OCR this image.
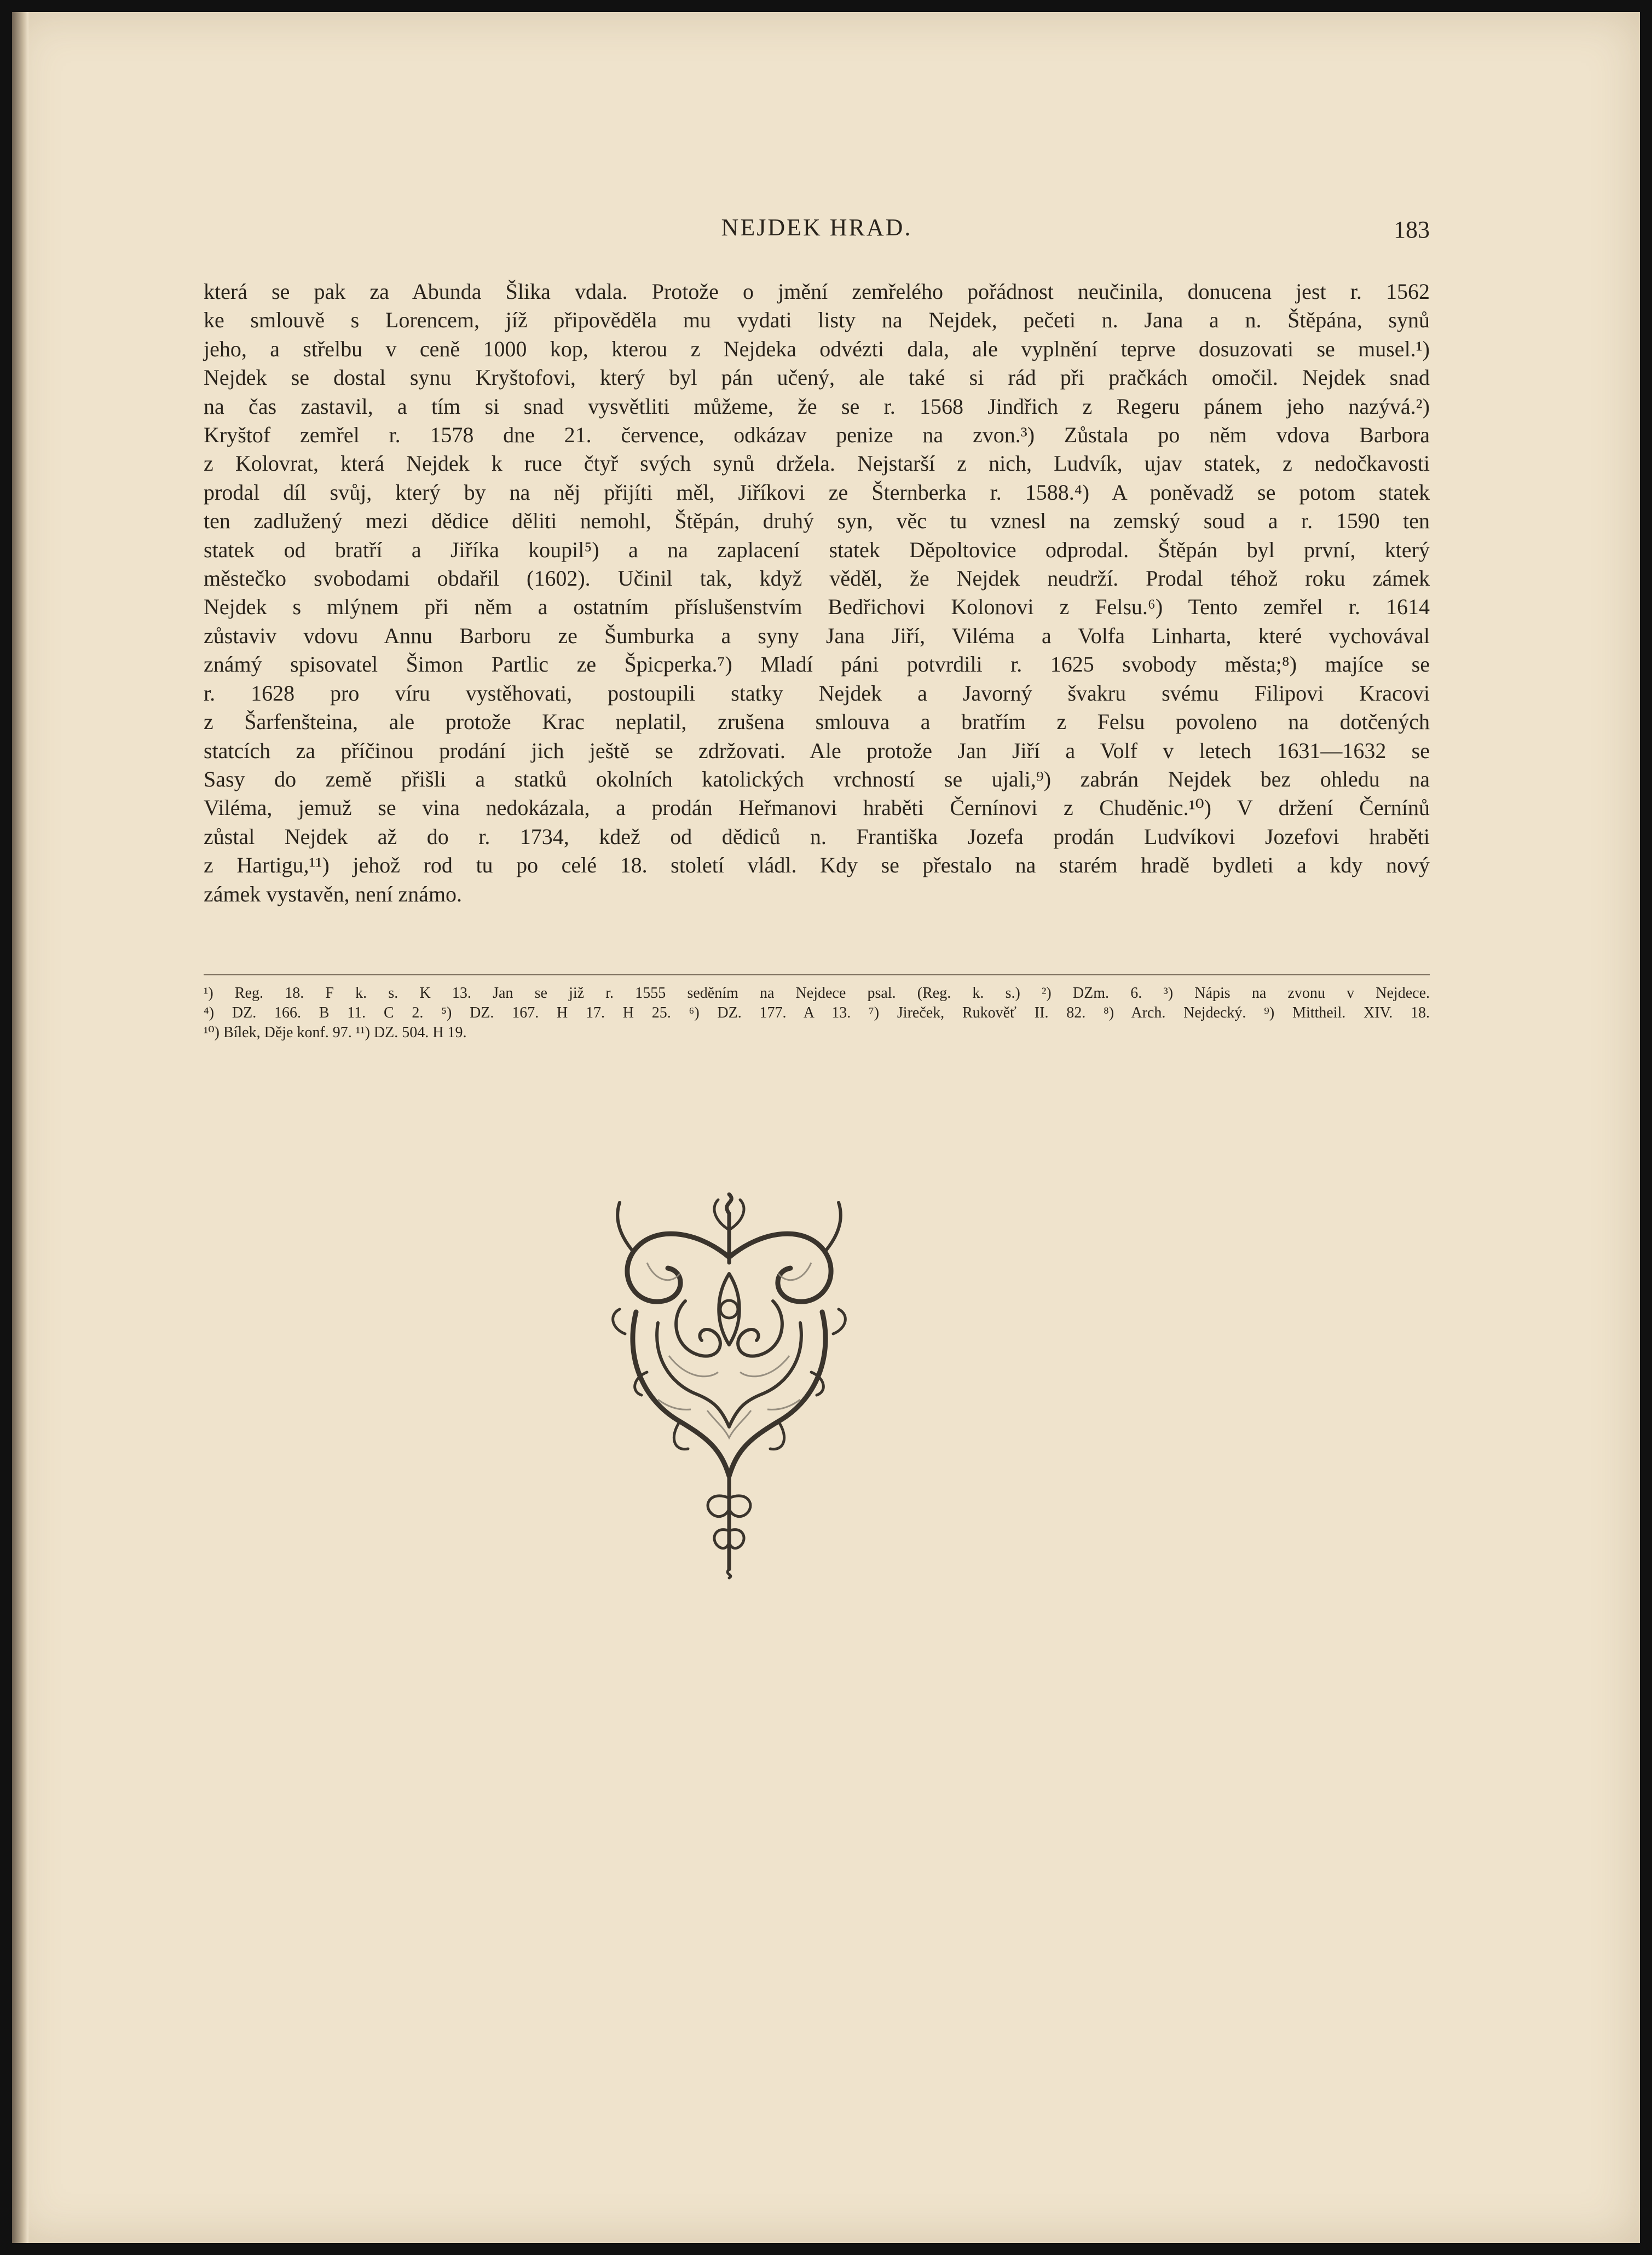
NEJDEK HRAD.	183
která se pak za Abunda Šlika vdala. Protože o jmění zemřelého pořádnost neučinila, donucena jest r. 1562
ke smlouvě s Lorencem, jíž připověděla mu vydati listy na Nejdek, pečeti n. Jana a n. Štěpána, synů
jeho, a střelbu v ceně 1000 kop, kterou z Nejdeka odvézti dala, ale vyplnění teprve dosuzovati se musel.¹)
Nejdek se dostal synu Kryštofovi, který byl pán učený, ale také si rád při pračkách omočil. Nejdek snad
na čas zastavil, a tím si snad vysvětliti můžeme, že se r. 1568 Jindřich z Regeru pánem jeho nazývá.²)
Kryštof zemřel r. 1578 dne 21. července, odkázav penize na zvon.³) Zůstala po něm vdova Barbora
z Kolovrat, která Nejdek k ruce čtyř svých synů držela. Nejstarší z nich, Ludvík, ujav statek, z nedočkavosti
prodal díl svůj, který by na něj přijíti měl, Jiříkovi ze Šternberka r. 1588.⁴) A poněvadž se potom statek
ten zadlužený mezi dědice děliti nemohl, Štěpán, druhý syn, věc tu vznesl na zemský soud a r. 1590 ten
statek od bratří a Jiříka koupil⁵) a na zaplacení statek Děpoltovice odprodal. Štěpán byl první, který
městečko svobodami obdařil (1602). Učinil tak, když věděl, že Nejdek neudrží. Prodal téhož roku zámek
Nejdek s mlýnem při něm a ostatním příslušenstvím Bedřichovi Kolonovi z Felsu.⁶) Tento zemřel r. 1614
zůstaviv vdovu Annu Barboru ze Šumburka a syny Jana Jiří, Viléma a Volfa Linharta, které vychovával
známý spisovatel Šimon Partlic ze Špicperka.⁷) Mladí páni potvrdili r. 1625 svobody města;⁸) majíce se
r. 1628 pro víru vystěhovati, postoupili statky Nejdek a Javorný švakru svému Filipovi Kracovi
z Šarfenšteina, ale protože Krac neplatil, zrušena smlouva a bratřím z Felsu povoleno na dotčených
statcích za příčinou prodání jich ještě se zdržovati. Ale protože Jan Jiří a Volf v letech 1631—1632 se
Sasy do země přišli a statků okolních katolických vrchností se ujali,⁹) zabrán Nejdek bez ohledu na
Viléma, jemuž se vina nedokázala, a prodán Heřmanovi hraběti Černínovi z Chuděnic.¹⁰) V držení Černínů
zůstal Nejdek až do r. 1734, kdež od dědiců n. Františka Jozefa prodán Ludvíkovi Jozefovi hraběti
z Hartigu,¹¹) jehož rod tu po celé 18. století vládl. Kdy se přestalo na starém hradě bydleti a kdy nový
zámek vystavěn, není známo.
¹) Reg. 18. F k. s. K 13. Jan se již r. 1555 seděním na Nejdece psal. (Reg. k. s.) ²) DZm. 6. ³) Nápis na zvonu v Nejdece.
⁴) DZ. 166. B 11. C 2. ⁵) DZ. 167. H 17. H 25. ⁶) DZ. 177. A 13. ⁷) Jireček, Rukověť II. 82. ⁸) Arch. Nejdecký. ⁹) Mittheil. XIV. 18.
¹⁰) Bílek, Děje konf. 97. ¹¹) DZ. 504. H 19.
